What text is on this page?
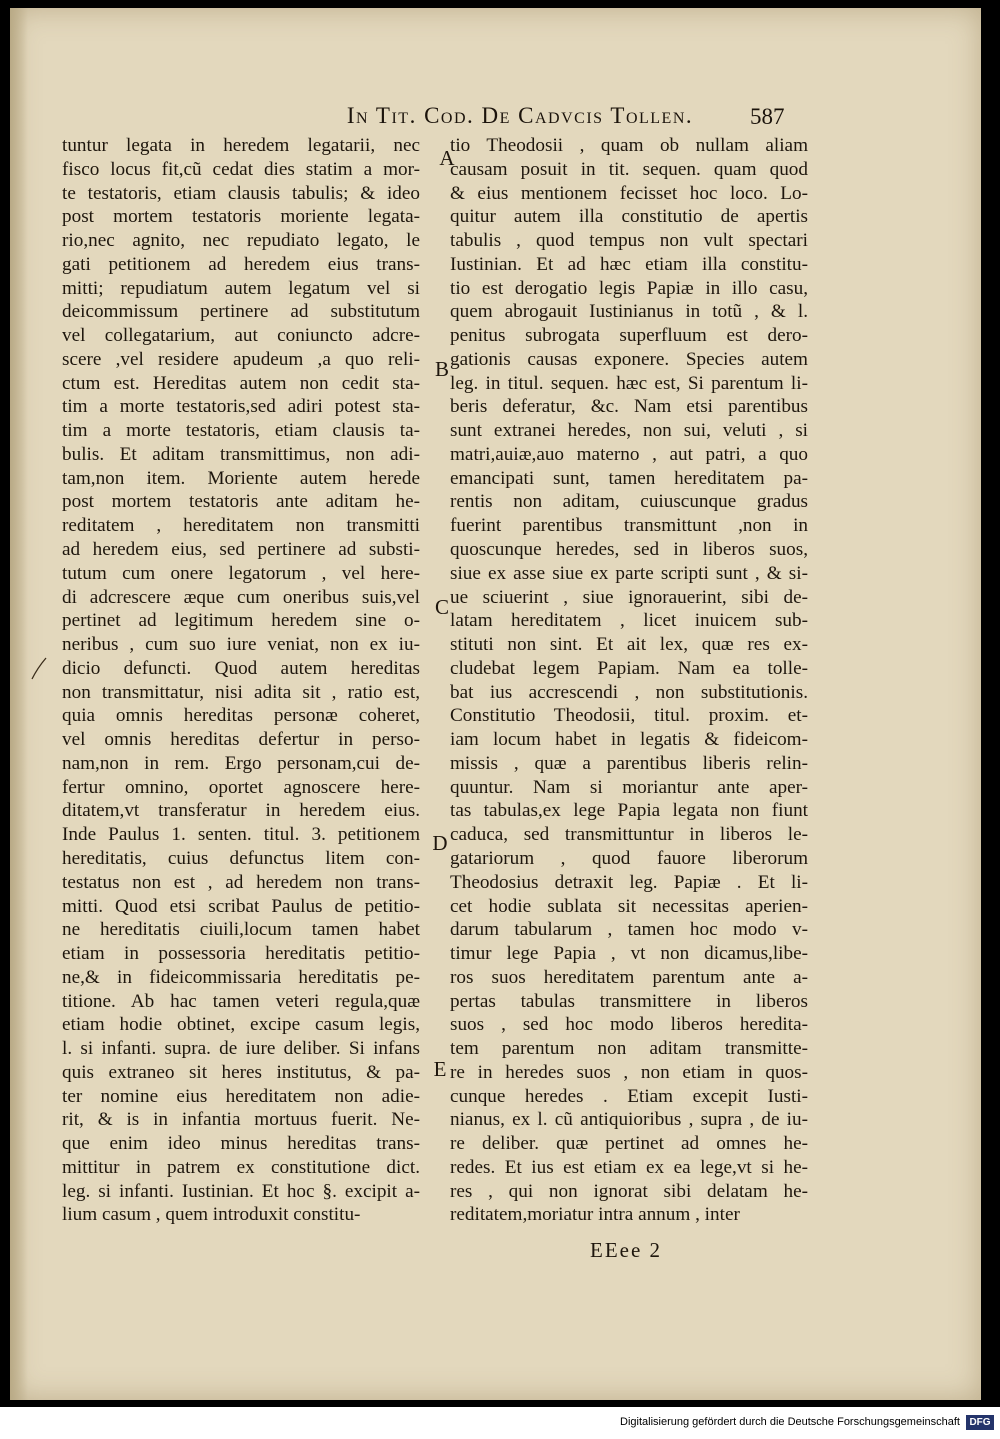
In Tit. Cod. De Cadvcis Tollen.	587
tuntur legata in heredem legatarii, nec
fisco locus fit,cũ cedat dies statim a mor-
te testatoris, etiam clausis tabulis; & ideo
post mortem testatoris moriente legata-
rio,nec agnito, nec repudiato legato, le
gati petitionem ad heredem eius trans-
mitti; repudiatum autem legatum vel si
deicommissum pertinere ad substitutum
vel collegatarium, aut coniuncto adcre-
scere ,vel residere apudeum ,a quo reli-
ctum est. Hereditas autem non cedit sta-
tim a morte testatoris,sed adiri potest sta-
tim a morte testatoris, etiam clausis ta-
bulis. Et aditam transmittimus, non adi-
tam,non item. Moriente autem herede
post mortem testatoris ante aditam he-
reditatem , hereditatem non transmitti
ad heredem eius, sed pertinere ad substi-
tutum cum onere legatorum , vel here-
di adcrescere æque cum oneribus suis,vel
pertinet ad legitimum heredem sine o-
neribus , cum suo iure veniat, non ex iu-
dicio defuncti. Quod autem hereditas
non transmittatur, nisi adita sit , ratio est,
quia omnis hereditas personæ coheret,
vel omnis hereditas defertur in perso-
nam,non in rem. Ergo personam,cui de-
fertur omnino, oportet agnoscere here-
ditatem,vt transferatur in heredem eius.
Inde Paulus 1. senten. titul. 3. petitionem
hereditatis, cuius defunctus litem con-
testatus non est , ad heredem non trans-
mitti. Quod etsi scribat Paulus de petitio-
ne hereditatis ciuili,locum tamen habet
etiam in possessoria hereditatis petitio-
ne,& in fideicommissaria hereditatis pe-
titione. Ab hac tamen veteri regula,quæ
etiam hodie obtinet, excipe casum legis,
l. si infanti. supra. de iure deliber. Si infans
quis extraneo sit heres institutus, & pa-
ter nomine eius hereditatem non adie-
rit, & is in infantia mortuus fuerit. Ne-
que enim ideo minus hereditas trans-
mittitur in patrem ex constitutione dict.
leg. si infanti. Iustinian. Et hoc §. excipit a-
lium casum , quem introduxit constitu-
tio Theodosii , quam ob nullam aliam
causam posuit in tit. sequen. quam quod
& eius mentionem fecisset hoc loco. Lo-
quitur autem illa constitutio de apertis
tabulis , quod tempus non vult spectari
Iustinian. Et ad hæc etiam illa constitu-
tio est derogatio legis Papiæ in illo casu,
quem abrogauit Iustinianus in totũ , & l.
penitus subrogata superfluum est dero-
gationis causas exponere. Species autem
leg. in titul. sequen. hæc est, Si parentum li-
beris deferatur, &c. Nam etsi parentibus
sunt extranei heredes, non sui, veluti , si
matri,auiæ,auo materno , aut patri, a quo
emancipati sunt, tamen hereditatem pa-
rentis non aditam, cuiuscunque gradus
fuerint parentibus transmittunt ,non in
quoscunque heredes, sed in liberos suos,
siue ex asse siue ex parte scripti sunt , & si-
ue sciuerint , siue ignorauerint, sibi de-
latam hereditatem , licet inuicem sub-
stituti non sint. Et ait lex, quæ res ex-
cludebat legem Papiam. Nam ea tolle-
bat ius accrescendi , non substitutionis.
Constitutio Theodosii, titul. proxim. et-
iam locum habet in legatis & fideicom-
missis , quæ a parentibus liberis relin-
quuntur. Nam si moriantur ante aper-
tas tabulas,ex lege Papia legata non fiunt
caduca, sed transmittuntur in liberos le-
gatariorum , quod fauore liberorum
Theodosius detraxit leg. Papiæ . Et li-
cet hodie sublata sit necessitas aperien-
darum tabularum , tamen hoc modo v-
timur lege Papia , vt non dicamus,libe-
ros suos hereditatem parentum ante a-
pertas tabulas transmittere in liberos
suos , sed hoc modo liberos heredita-
tem parentum non aditam transmitte-
re in heredes suos , non etiam in quos-
cunque heredes . Etiam excepit Iusti-
nianus, ex l. cũ antiquioribus , supra , de iu-
re deliber. quæ pertinet ad omnes he-
redes. Et ius est etiam ex ea lege,vt si he-
res , qui non ignorat sibi delatam he-
reditatem,moriatur intra annum , inter
A
B
C
D
E
EEee 2
Digitalisierung gefördert durch die Deutsche Forschungsgemeinschaft DFG
